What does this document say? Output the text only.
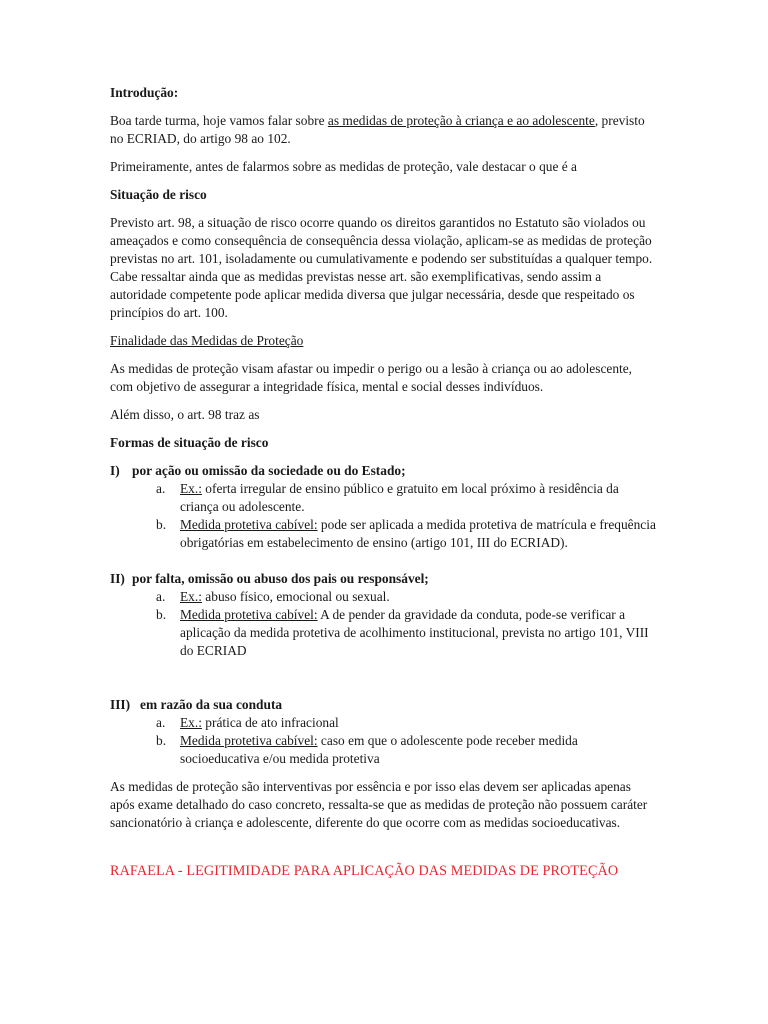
Introdução:

Boa tarde turma, hoje vamos falar sobre as medidas de proteção à criança e ao adolescente, previsto no ECRIAD, do artigo 98 ao 102.

Primeiramente, antes de falarmos sobre as medidas de proteção, vale destacar o que é a

Situação de risco

Previsto art. 98, a situação de risco ocorre quando os direitos garantidos no Estatuto são violados ou ameaçados e como consequência de consequência dessa violação, aplicam-se as medidas de proteção previstas no art. 101, isoladamente ou cumulativamente e podendo ser substituídas a qualquer tempo. Cabe ressaltar ainda que as medidas previstas nesse art. são exemplificativas, sendo assim a autoridade competente pode aplicar medida diversa que julgar necessária, desde que respeitado os princípios do art. 100.

Finalidade das Medidas de Proteção

As medidas de proteção visam afastar ou impedir o perigo ou a lesão à criança ou ao adolescente, com objetivo de assegurar a integridade física, mental e social desses indivíduos.

Além disso, o art. 98 traz as

Formas de situação de risco

I) por ação ou omissão da sociedade ou do Estado;

a.	Ex.: oferta irregular de ensino público e gratuito em local próximo à residência da criança ou adolescente.
b.	Medida protetiva cabível: pode ser aplicada a medida protetiva de matrícula e frequência obrigatórias em estabelecimento de ensino (artigo 101, III do ECRIAD).

II) por falta, omissão ou abuso dos pais ou responsável;

a.	Ex.: abuso físico, emocional ou sexual.
b.	Medida protetiva cabível: A de pender da gravidade da conduta, pode-se verificar a aplicação da medida protetiva de acolhimento institucional, prevista no artigo 101, VIII do ECRIAD

III) em razão da sua conduta

a.	Ex.: prática de ato infracional
b.	Medida protetiva cabível: caso em que o adolescente pode receber medida socioeducativa e/ou medida protetiva

As medidas de proteção são interventivas por essência e por isso elas devem ser aplicadas apenas após exame detalhado do caso concreto, ressalta-se que as medidas de proteção não possuem caráter sancionatório à criança e adolescente, diferente do que ocorre com as medidas socioeducativas.

RAFAELA - LEGITIMIDADE PARA APLICAÇÃO DAS MEDIDAS DE PROTEÇÃO
